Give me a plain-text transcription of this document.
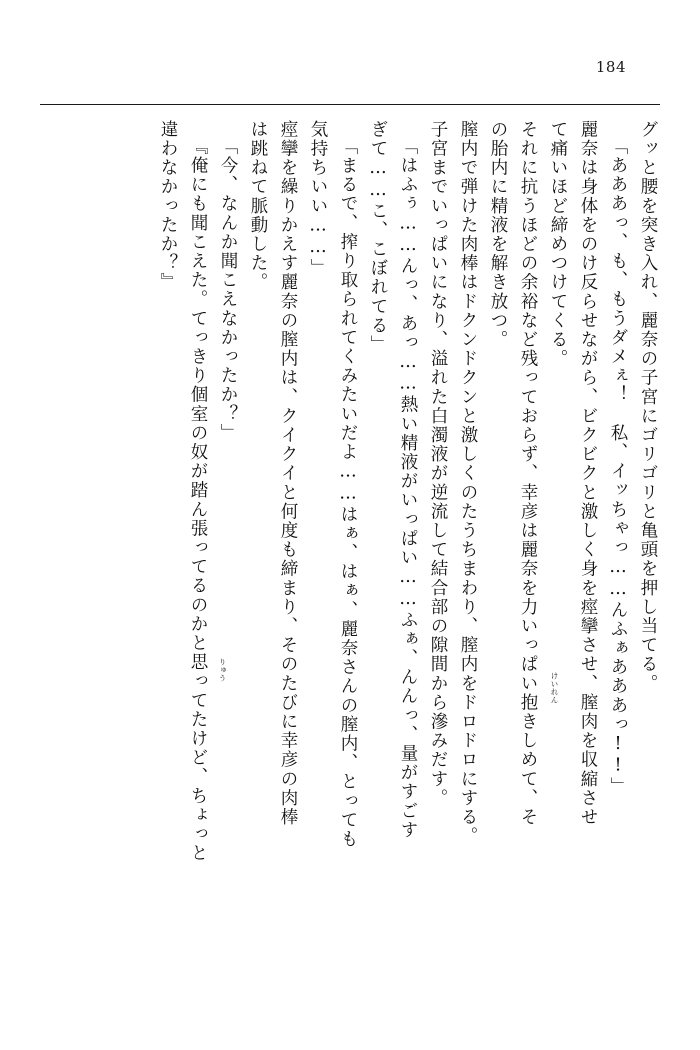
184
グッと腰を突き入れ、麗奈の子宮にゴリゴリと亀頭を押し当てる。
「あああっ、も、もうダメぇ！　私、イッちゃっ……んふぁあああっ!!」
麗奈は身体をのけ反らせながら、ビクビクと激しく身を痙攣させ、膣肉を収縮させ
て痛いほど締めつけてくる。
それに抗うほどの余裕など残っておらず、幸彦は麗奈を力いっぱい抱きしめて、そ
の胎内に精液を解き放つ。
膣内で弾けた肉棒はドクンドクンと激しくのたうちまわり、膣内をドロドロにする。
子宮までいっぱいになり、溢れた白濁液が逆流して結合部の隙間から滲みだす。
「はふぅ……んっ、あっ……熱い精液がいっぱい……ふぁ、んんっ、量がすごす
ぎて……こ、こぼれてる」
「まるで、搾り取られてくみたいだよ……はぁ、はぁ、麗奈さんの膣内、とっても
気持ちいい……」
痙攣を繰りかえす麗奈の膣内は、クイクイと何度も締まり、そのたびに幸彦の肉棒
は跳ねて脈動した。
「今、なんか聞こえなかったか？」
『俺にも聞こえた。てっきり個室の奴が踏ん張ってるのかと思ってたけど、ちょっと
違わなかったか？』
りゅう
けいれん
